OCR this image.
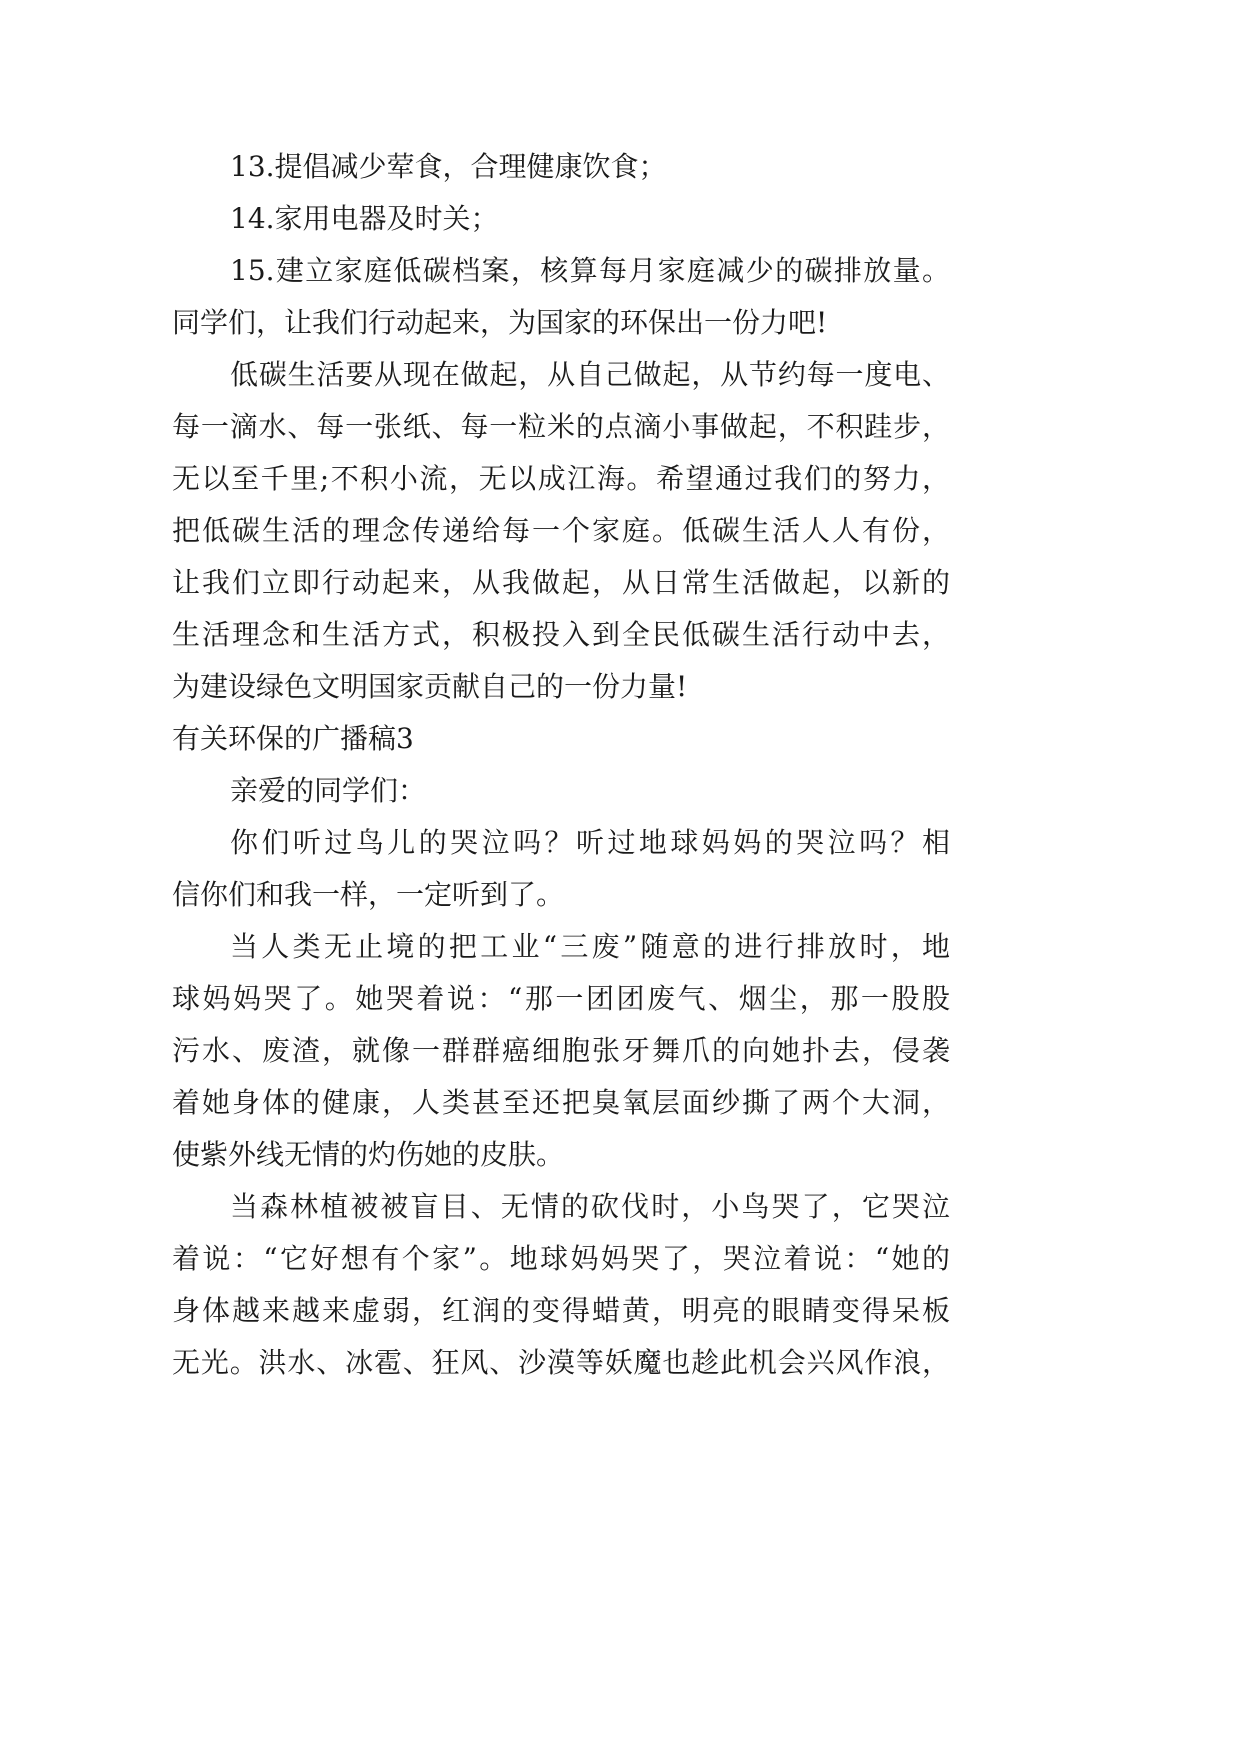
13.提倡减少荤食，合理健康饮食；

14.家用电器及时关；

15.建立家庭低碳档案，核算每月家庭减少的碳排放量。
同学们，让我们行动起来，为国家的环保出一份力吧!

低碳生活要从现在做起，从自己做起，从节约每一度电、
每一滴水、每一张纸、每一粒米的点滴小事做起，不积跬步，
无以至千里;不积小流，无以成江海。希望通过我们的努力，
把低碳生活的理念传递给每一个家庭。低碳生活人人有份，
让我们立即行动起来，从我做起，从日常生活做起，以新的
生活理念和生活方式，积极投入到全民低碳生活行动中去，
为建设绿色文明国家贡献自己的一份力量!

有关环保的广播稿3

亲爱的同学们：

你们听过鸟儿的哭泣吗？听过地球妈妈的哭泣吗？相
信你们和我一样，一定听到了。

当人类无止境的把工业“三废”随意的进行排放时，地
球妈妈哭了。她哭着说：“那一团团废气、烟尘，那一股股
污水、废渣，就像一群群癌细胞张牙舞爪的向她扑去，侵袭
着她身体的健康，人类甚至还把臭氧层面纱撕了两个大洞，
使紫外线无情的灼伤她的皮肤。

当森林植被被盲目、无情的砍伐时，小鸟哭了，它哭泣
着说：“它好想有个家”。地球妈妈哭了，哭泣着说：“她的
身体越来越来虚弱，红润的变得蜡黄，明亮的眼睛变得呆板
无光。洪水、冰雹、狂风、沙漠等妖魔也趁此机会兴风作浪，
